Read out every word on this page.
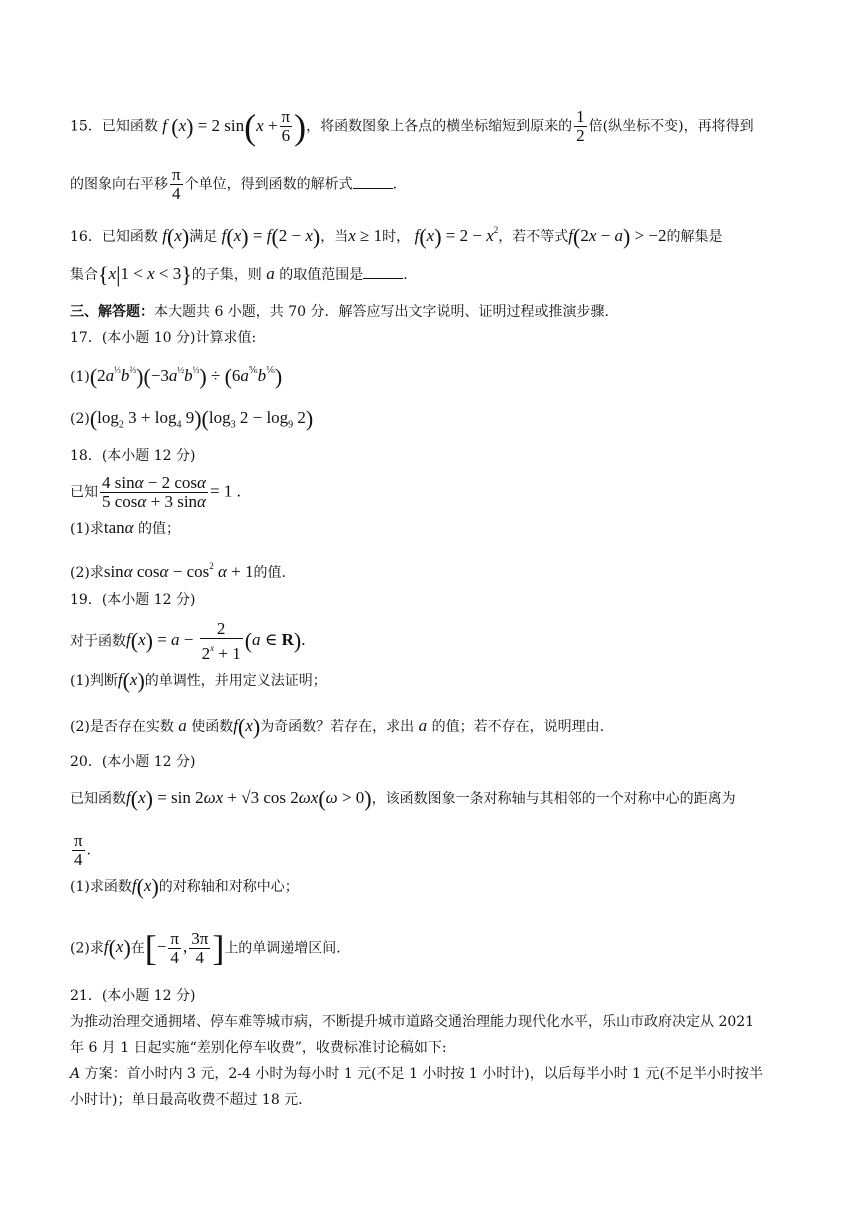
15．已知函数 f (x) = 2 $\sin(x + \frac{\pi}{6}$ )，将函数图象上各点的横坐标缩短到原来的 $\frac{1}{2}$ 倍(纵坐标不变)，再将得到
的图象向右平移 $\frac{\pi}{4}$ 个单位，得到函数的解析式	.
16．已知函数 f(x)满足 f(x) = f(2 − x)，当x ≥ 1时， $f(x) = 2 - x^2$，若不等式f(2x − a) > −2的解集是
集合{x|1 < x < 3}的子集，则 a 的取值范围是	.
三、解答题：本大题共 6 小题，共 70 分．解答应写出文字说明、证明过程或推演步骤．
17．(本小题 10 分)计算求值:
$(1)(2a^{\frac{1}{3}}b^{\frac{2}{3}})(-3a^{\frac{1}{2}}b^{\frac{1}{3}}) \div (6a^{\frac{5}{6}}b^{\frac{1}{6}})$
$(2)(\log_2$ $3 + \log_4 9)(\log_3$ $2 - \log_9 2$)
18．(本小题 12 分)
已知 $\frac{4 \sin\alpha - 2 \cos\alpha}{5 \cos\alpha + 3 \sin\alpha} = 1$ .
(1)求tanα 的值；
(2)求sinα $\cos\alpha - \cos^2 \alpha + 1$的值.
19．(本小题 12 分)
对于函数$f(x) = a - \frac{2}{2^x + 1} (a$ ∈ R).
(1)判断f(x)的单调性，并用定义法证明；
(2)是否存在实数 a 使函数f(x)为奇函数？若存在，求出 a 的值；若不存在，说明理由.
20．(本小题 12 分)
已知函数f(x) = sin 2ωx + √3 cos 2ωx(ω > 0)，该函数图象一条对称轴与其相邻的一个对称中心的距离为
$\frac{\pi}{4}$ .
(1)求函数f(x)的对称轴和对称中心；
(2)求f(x)在[− $\frac{\pi}{4}$ , $\frac{3\pi}{4}$ ]上的单调递增区间.
21．(本小题 12 分)
为推动治理交通拥堵、停车难等城市病，不断提升城市道路交通治理能力现代化水平，乐山市政府决定从 2021
年 6 月 1 日起实施“差别化停车收费”，收费标准讨论稿如下:
A 方案：首小时内 3 元，2-4 小时为每小时 1 元(不足 1 小时按 1 小时计)，以后每半小时 1 元(不足半小时按半
小时计)；单日最高收费不超过 18 元.
